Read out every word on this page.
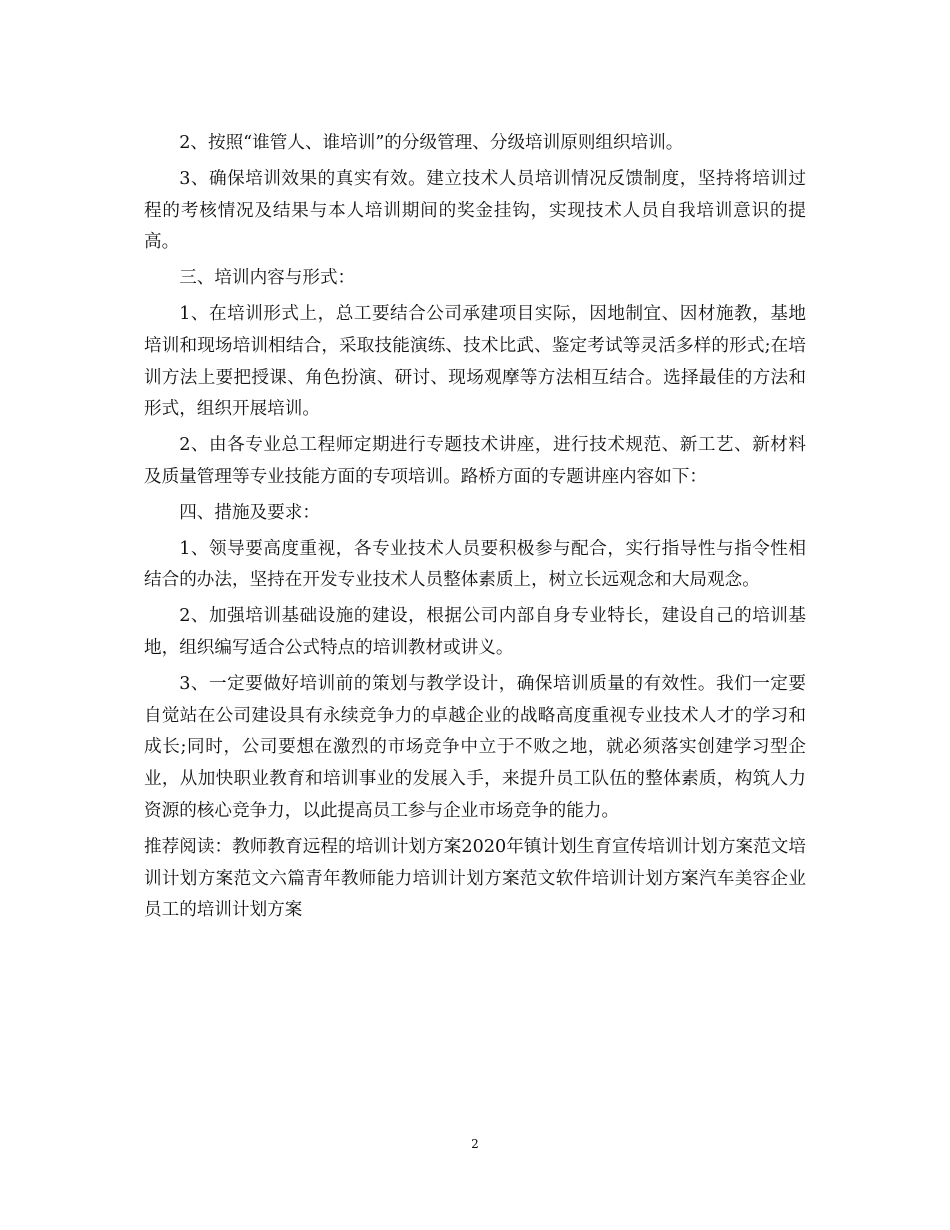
2、按照“谁管人、谁培训”的分级管理、分级培训原则组织培训。

3、确保培训效果的真实有效。建立技术人员培训情况反馈制度，坚持将培训过程的考核情况及结果与本人培训期间的奖金挂钩，实现技术人员自我培训意识的提高。

三、培训内容与形式：

1、在培训形式上，总工要结合公司承建项目实际，因地制宜、因材施教，基地培训和现场培训相结合，采取技能演练、技术比武、鉴定考试等灵活多样的形式;在培训方法上要把授课、角色扮演、研讨、现场观摩等方法相互结合。选择最佳的方法和形式，组织开展培训。

2、由各专业总工程师定期进行专题技术讲座，进行技术规范、新工艺、新材料及质量管理等专业技能方面的专项培训。路桥方面的专题讲座内容如下：

四、措施及要求：

1、领导要高度重视，各专业技术人员要积极参与配合，实行指导性与指令性相结合的办法，坚持在开发专业技术人员整体素质上，树立长远观念和大局观念。

2、加强培训基础设施的建设，根据公司内部自身专业特长，建设自己的培训基地，组织编写适合公式特点的培训教材或讲义。

3、一定要做好培训前的策划与教学设计，确保培训质量的有效性。我们一定要自觉站在公司建设具有永续竞争力的卓越企业的战略高度重视专业技术人才的学习和成长;同时，公司要想在激烈的市场竞争中立于不败之地，就必须落实创建学习型企业，从加快职业教育和培训事业的发展入手，来提升员工队伍的整体素质，构筑人力资源的核心竞争力，以此提高员工参与企业市场竞争的能力。

推荐阅读：教师教育远程的培训计划方案2020年镇计划生育宣传培训计划方案范文培训计划方案范文六篇青年教师能力培训计划方案范文软件培训计划方案汽车美容企业员工的培训计划方案

2
